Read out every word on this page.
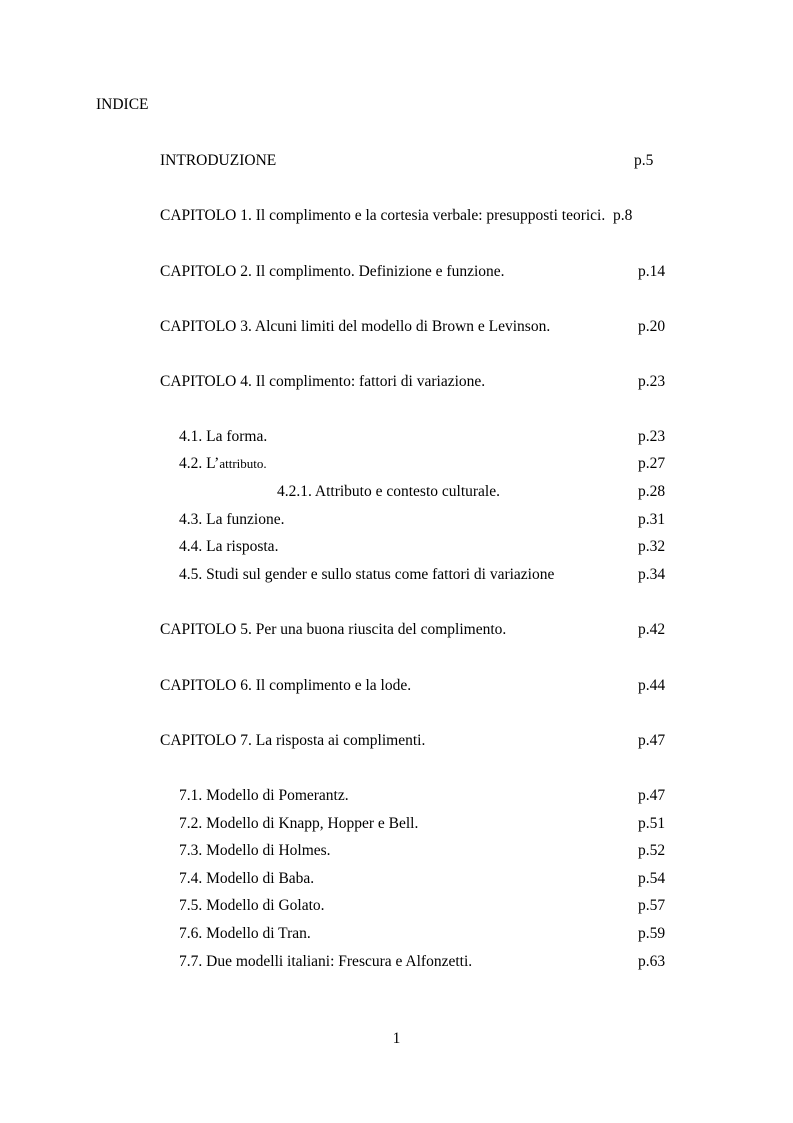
INDICE
INTRODUZIONE	p.5
CAPITOLO 1. Il complimento e la cortesia verbale: presupposti teorici. p.8
CAPITOLO 2. Il complimento. Definizione e funzione.	p.14
CAPITOLO 3. Alcuni limiti del modello di Brown e Levinson.	p.20
CAPITOLO 4. Il complimento: fattori di variazione.	p.23
4.1. La forma.	p.23
4.2. L’attributo.	p.27
4.2.1. Attributo e contesto culturale.	p.28
4.3. La funzione.	p.31
4.4. La risposta.	p.32
4.5. Studi sul gender e sullo status come fattori di variazione	p.34
CAPITOLO 5. Per una buona riuscita del complimento.	p.42
CAPITOLO 6. Il complimento e la lode.	p.44
CAPITOLO 7. La risposta ai complimenti.	p.47
7.1. Modello di Pomerantz.	p.47
7.2. Modello di Knapp, Hopper e Bell.	p.51
7.3. Modello di Holmes.	p.52
7.4. Modello di Baba.	p.54
7.5. Modello di Golato.	p.57
7.6. Modello di Tran.	p.59
7.7. Due modelli italiani: Frescura e Alfonzetti.	p.63
1
